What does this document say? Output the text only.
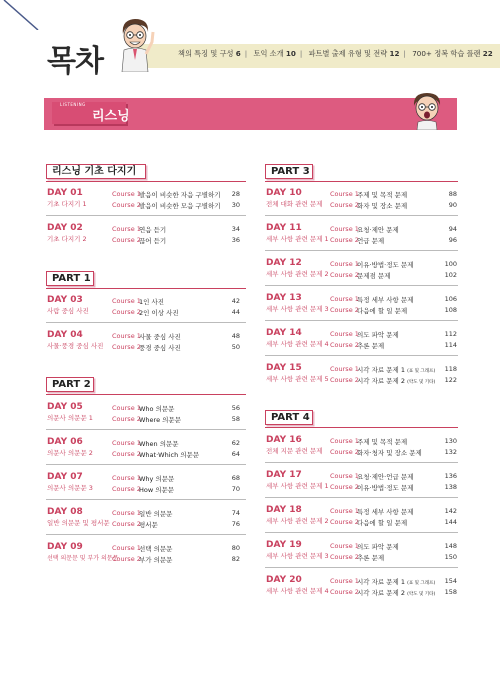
목차	책의 특징 및 구성 6 | 토익 소개 10 | 파트별 출제 유형 및 전략 12 | 700+ 정복 학습 플랜 22
LISTENING
리스닝
리스닝 기초 다지기
DAY 01
기초 다지기 1
Course 1
발음이 비슷한 자음 구별하기	28
Course 2
발음이 비슷한 모음 구별하기	30
DAY 02
기초 다지기 2
Course 1
연음 듣기	34
Course 2
끊어 듣기	36
PART 1
DAY 03
사람 중심 사진
Course 1
1인 사진	42
Course 2
2인 이상 사진	44
DAY 04
사물·풍경 중심 사진
Course 1
사물 중심 사진	48
Course 2
풍경 중심 사진	50
PART 2
DAY 05
의문사 의문문 1
Course 1
Who 의문문	56
Course 2
Where 의문문	58
DAY 06
의문사 의문문 2
Course 1
When 의문문	62
Course 2
What·Which 의문문	64
DAY 07
의문사 의문문 3
Course 1
Why 의문문	68
Course 2
How 의문문	70
DAY 08
일반 의문문 및 평서문
Course 1
일반 의문문	74
Course 2
평서문	76
DAY 09
선택 의문문 및 부가 의문문
Course 1
선택 의문문	80
Course 2
부가 의문문	82
PART 3
DAY 10
전체 대화 관련 문제
Course 1
주제 및 목적 문제	88
Course 2
화자 및 장소 문제	90
DAY 11
세부 사항 관련 문제 1
Course 1
요청·제안 문제	94
Course 2
언급 문제	96
DAY 12
세부 사항 관련 문제 2
Course 1
이유·방법·정도 문제	100
Course 2
문제점 문제	102
DAY 13
세부 사항 관련 문제 3
Course 1
특정 세부 사항 문제	106
Course 2
다음에 할 일 문제	108
DAY 14
세부 사항 관련 문제 4
Course 1
의도 파악 문제	112
Course 2
추론 문제	114
DAY 15
세부 사항 관련 문제 5
Course 1
시각 자료 문제 1 (표 및 그래프)	118
Course 2
시각 자료 문제 2 (약도 및 기타)	122
PART 4
DAY 16
전체 지문 관련 문제
Course 1
주제 및 목적 문제	130
Course 2
화자·청자 및 장소 문제	132
DAY 17
세부 사항 관련 문제 1
Course 1
요청·제안·언급 문제	136
Course 2
이유·방법·정도 문제	138
DAY 18
세부 사항 관련 문제 2
Course 1
특정 세부 사항 문제	142
Course 2
다음에 할 일 문제	144
DAY 19
세부 사항 관련 문제 3
Course 1
의도 파악 문제	148
Course 2
추론 문제	150
DAY 20
세부 사항 관련 문제 4
Course 1
시각 자료 문제 1 (표 및 그래프)	154
Course 2
시각 자료 문제 2 (약도 및 기타)	158
